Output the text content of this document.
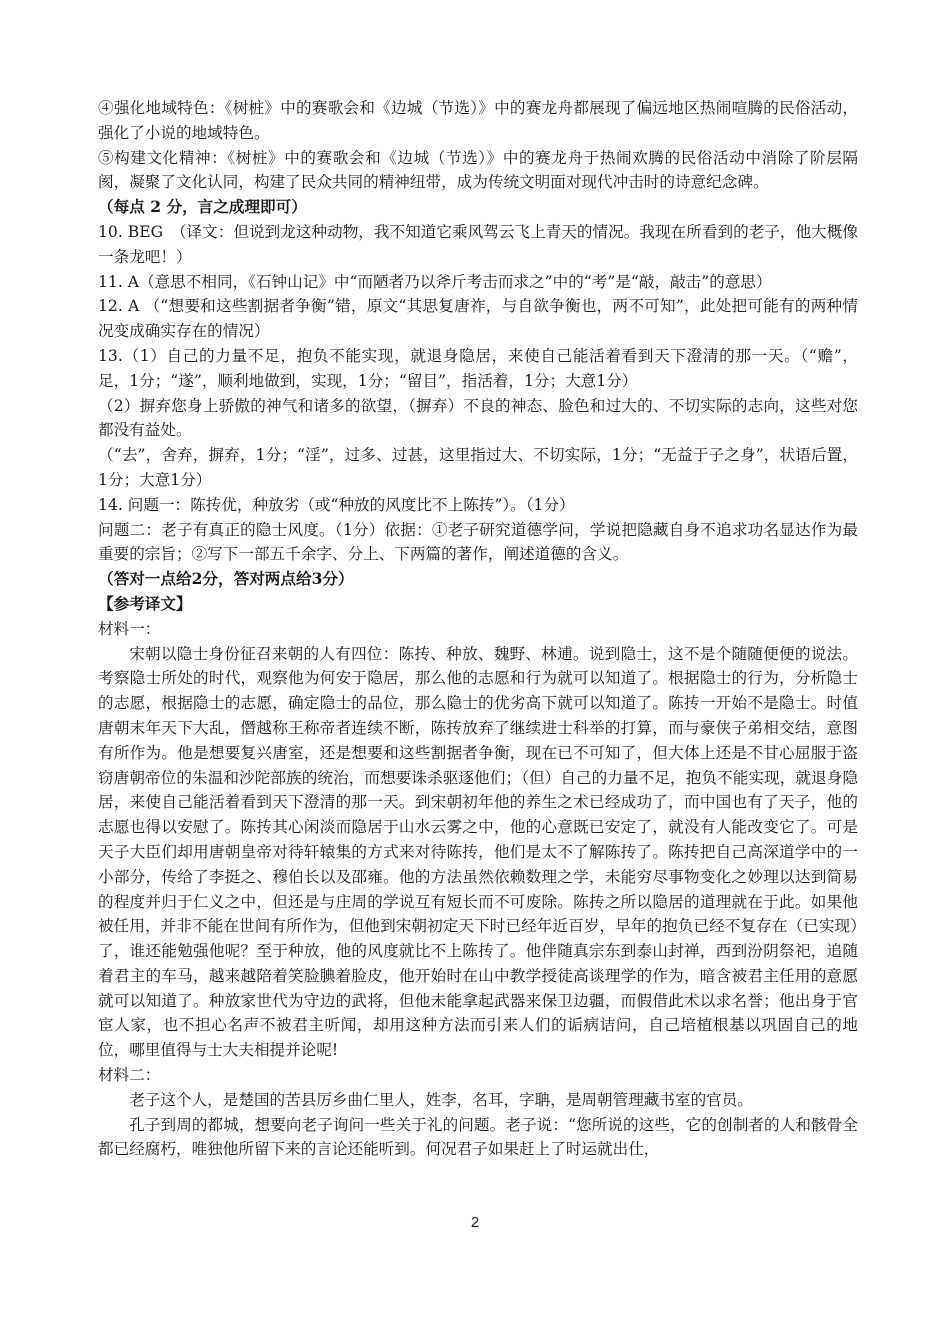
④强化地域特色：《树桩》中的赛歌会和《边城（节选）》中的赛龙舟都展现了偏远地区热闹喧腾的民俗活动，强化了小说的地域特色。

⑤构建文化精神：《树桩》中的赛歌会和《边城（节选）》中的赛龙舟于热闹欢腾的民俗活动中消除了阶层隔阂，凝聚了文化认同，构建了民众共同的精神纽带，成为传统文明面对现代冲击时的诗意纪念碑。

（每点 2 分，言之成理即可）

10. BEG　（译文：但说到龙这种动物，我不知道它乘风驾云飞上青天的情况。我现在所看到的老子，他大概像一条龙吧！）

11. A（意思不相同，《石钟山记》中“而陋者乃以斧斤考击而求之”中的“考”是“敲，敲击”的意思）

12. A （“想要和这些割据者争衡”错，原文“其思复唐祚，与自欲争衡也，两不可知”，此处把可能有的两种情况变成确实存在的情况）

13.（1）自己的力量不足，抱负不能实现，就退身隐居，来使自己能活着看到天下澄清的那一天。（“赡”，足，1分；“遂”，顺利地做到，实现，1分；“留目”，指活着，1分；大意1分）

（2）摒弃您身上骄傲的神气和诸多的欲望，（摒弃）不良的神态、脸色和过大的、不切实际的志向，这些对您都没有益处。

（“去”，舍弃，摒弃，1分；“淫”，过多、过甚，这里指过大、不切实际，1分；“无益于子之身”，状语后置，1分；大意1分）

14. 问题一：陈抟优，种放劣（或“种放的风度比不上陈抟”）。（1分）

问题二：老子有真正的隐士风度。（1分）依据：①老子研究道德学问，学说把隐藏自身不追求功名显达作为最重要的宗旨；②写下一部五千余字、分上、下两篇的著作，阐述道德的含义。

（答对一点给2分，答对两点给3分）

【参考译文】

材料一：

宋朝以隐士身份征召来朝的人有四位：陈抟、种放、魏野、林逋。说到隐士，这不是个随随便便的说法。考察隐士所处的时代，观察他为何安于隐居，那么他的志愿和行为就可以知道了。根据隐士的行为，分析隐士的志愿，根据隐士的志愿，确定隐士的品位，那么隐士的优劣高下就可以知道了。陈抟一开始不是隐士。时值唐朝末年天下大乱，僭越称王称帝者连续不断，陈抟放弃了继续进士科举的打算，而与豪侠子弟相交结，意图有所作为。他是想要复兴唐室，还是想要和这些割据者争衡，现在已不可知了，但大体上还是不甘心屈服于盗窃唐朝帝位的朱温和沙陀部族的统治，而想要诛杀驱逐他们；（但）自己的力量不足，抱负不能实现，就退身隐居，来使自己能活着看到天下澄清的那一天。到宋朝初年他的养生之术已经成功了，而中国也有了天子，他的志愿也得以安慰了。陈抟其心闲淡而隐居于山水云雾之中，他的心意既已安定了，就没有人能改变它了。可是天子大臣们却用唐朝皇帝对待轩辕集的方式来对待陈抟，他们是太不了解陈抟了。陈抟把自己高深道学中的一小部分，传给了李挺之、穆伯长以及邵雍。他的方法虽然依赖数理之学，未能穷尽事物变化之妙理以达到简易的程度并归于仁义之中，但还是与庄周的学说互有短长而不可废除。陈抟之所以隐居的道理就在于此。如果他被任用，并非不能在世间有所作为，但他到宋朝初定天下时已经年近百岁，早年的抱负已经不复存在（已实现）了，谁还能勉强他呢？至于种放，他的风度就比不上陈抟了。他伴随真宗东到泰山封禅，西到汾阴祭祀，追随着君主的车马，越来越陪着笑脸腆着脸皮，他开始时在山中教学授徒高谈理学的作为，暗含被君主任用的意愿就可以知道了。种放家世代为守边的武将，但他未能拿起武器来保卫边疆，而假借此术以求名誉；他出身于官宦人家，也不担心名声不被君主听闻，却用这种方法而引来人们的诟病诘问，自己培植根基以巩固自己的地位，哪里值得与士大夫相提并论呢!

材料二：

老子这个人，是楚国的苦县厉乡曲仁里人，姓李，名耳，字聃，是周朝管理藏书室的官员。

孔子到周的都城，想要向老子询问一些关于礼的问题。老子说：“您所说的这些，它的创制者的人和骸骨全都已经腐朽，唯独他所留下来的言论还能听到。何况君子如果赶上了时运就出仕，

2
